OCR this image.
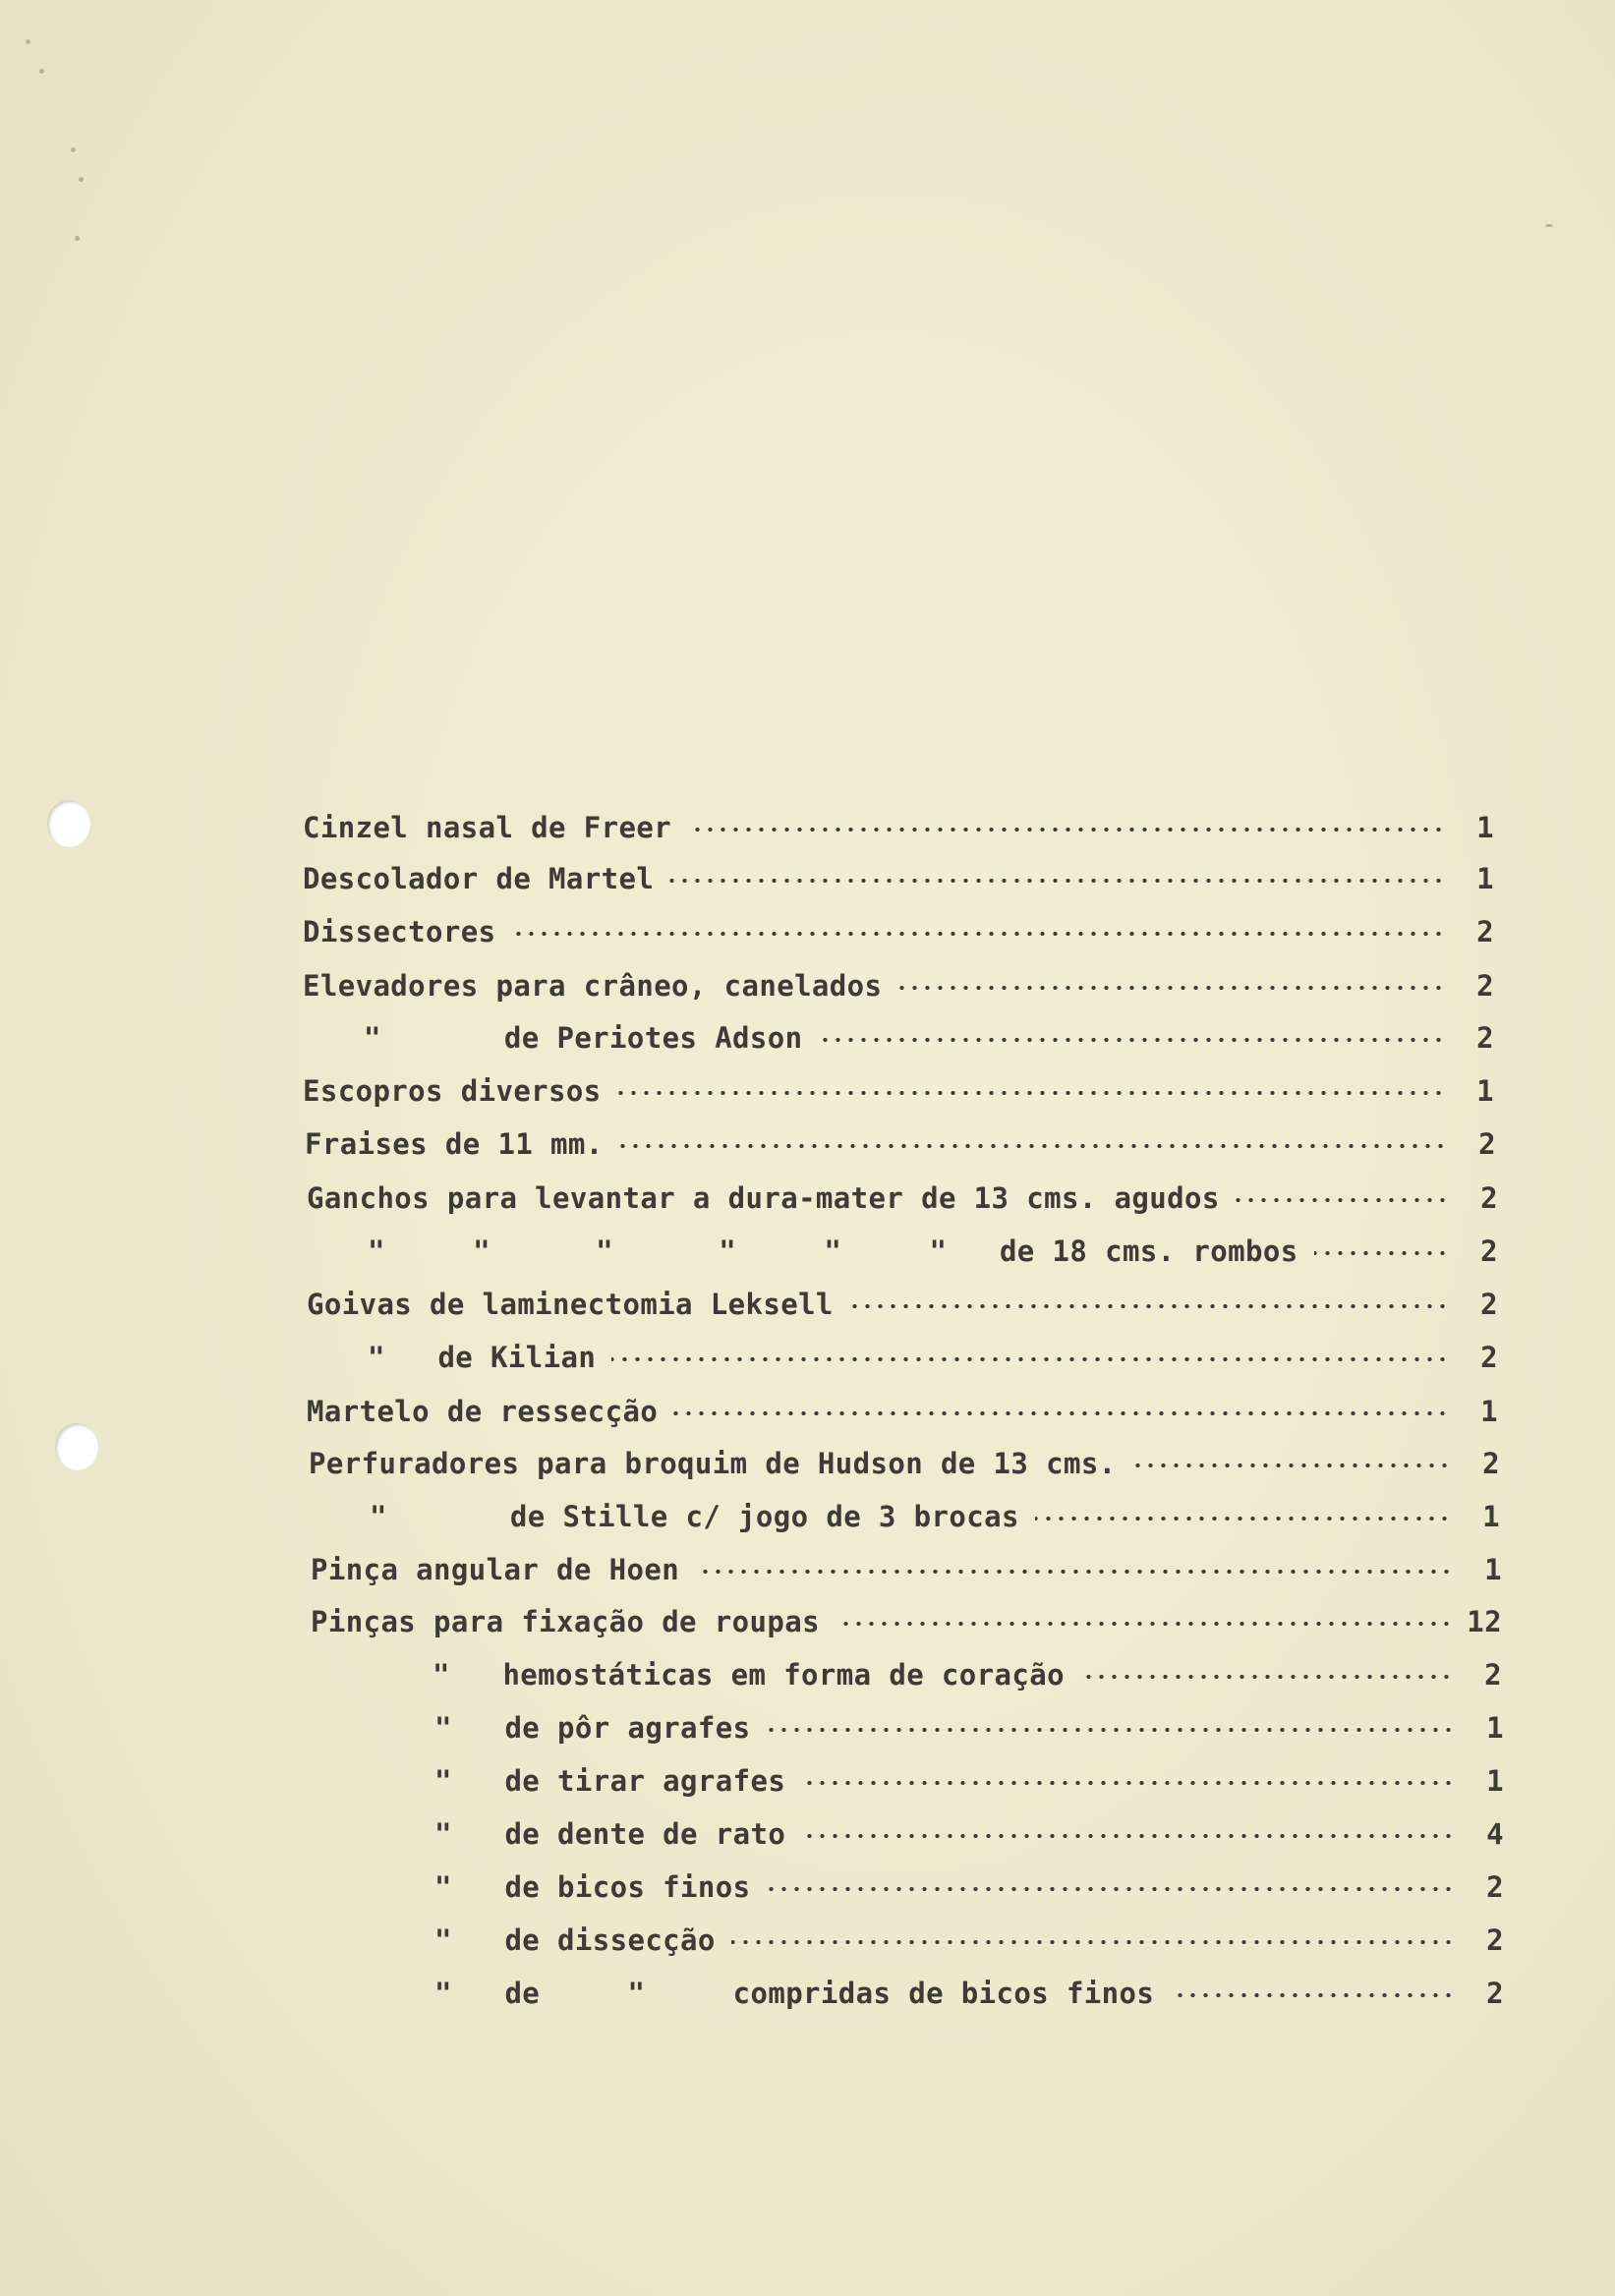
Cinzel nasal de Freer	1
Descolador de Martel	1
Dissectores	2
Elevadores para crâneo, canelados	2
"       de Periotes Adson	2
Escopros diversos	1
Fraises de 11 mm.	2
Ganchos para levantar a dura-mater de 13 cms. agudos	2
"     "      "      "     "     "   de 18 cms. rombos	2
Goivas de laminectomia Leksell	2
"   de Kilian	2
Martelo de ressecção	1
Perfuradores para broquim de Hudson de 13 cms.	2
"       de Stille c/ jogo de 3 brocas	1
Pinça angular de Hoen	1
Pinças para fixação de roupas	12
"   hemostáticas em forma de coração	2
"   de pôr agrafes	1
"   de tirar agrafes	1
"   de dente de rato	4
"   de bicos finos	2
"   de dissecção	2
"   de     "     compridas de bicos finos	2
